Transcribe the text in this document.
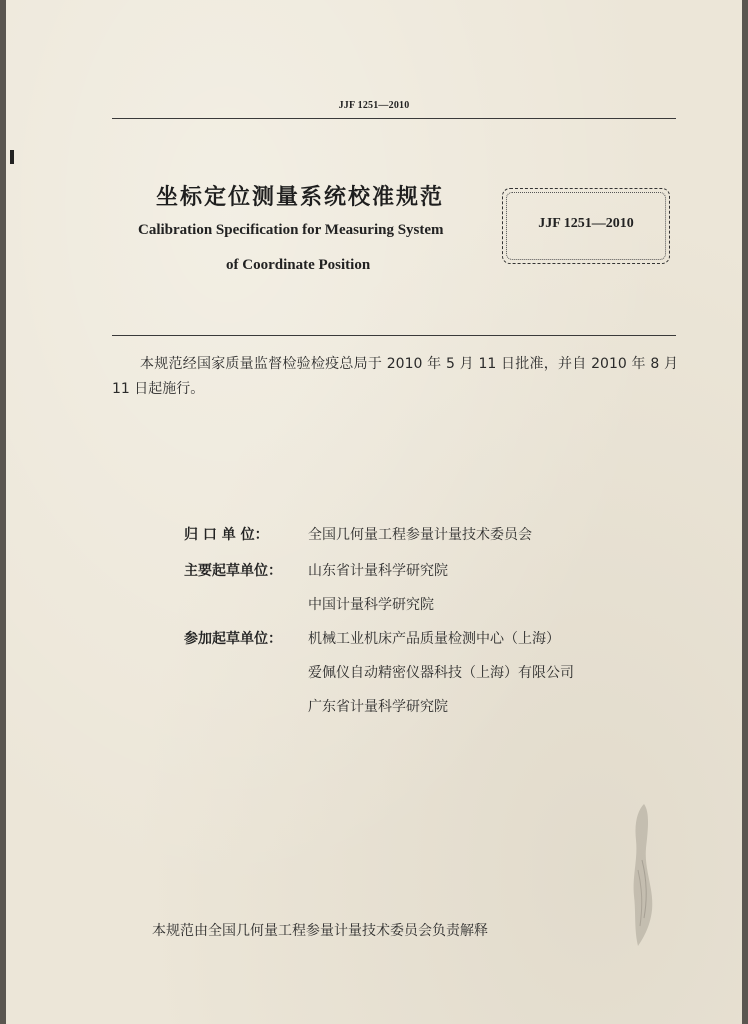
JJF 1251—2010
坐标定位测量系统校准规范
Calibration Specification for Measuring System
of Coordinate Position
JJF 1251—2010
本规范经国家质量监督检验检疫总局于 2010 年 5 月 11 日批准，并自 2010 年 8 月 11 日起施行。
归 口 单 位：	全国几何量工程参量计量技术委员会
主要起草单位： 山东省计量科学研究院
中国计量科学研究院
参加起草单位： 机械工业机床产品质量检测中心（上海）
爱佩仪自动精密仪器科技（上海）有限公司
广东省计量科学研究院
本规范由全国几何量工程参量计量技术委员会负责解释
